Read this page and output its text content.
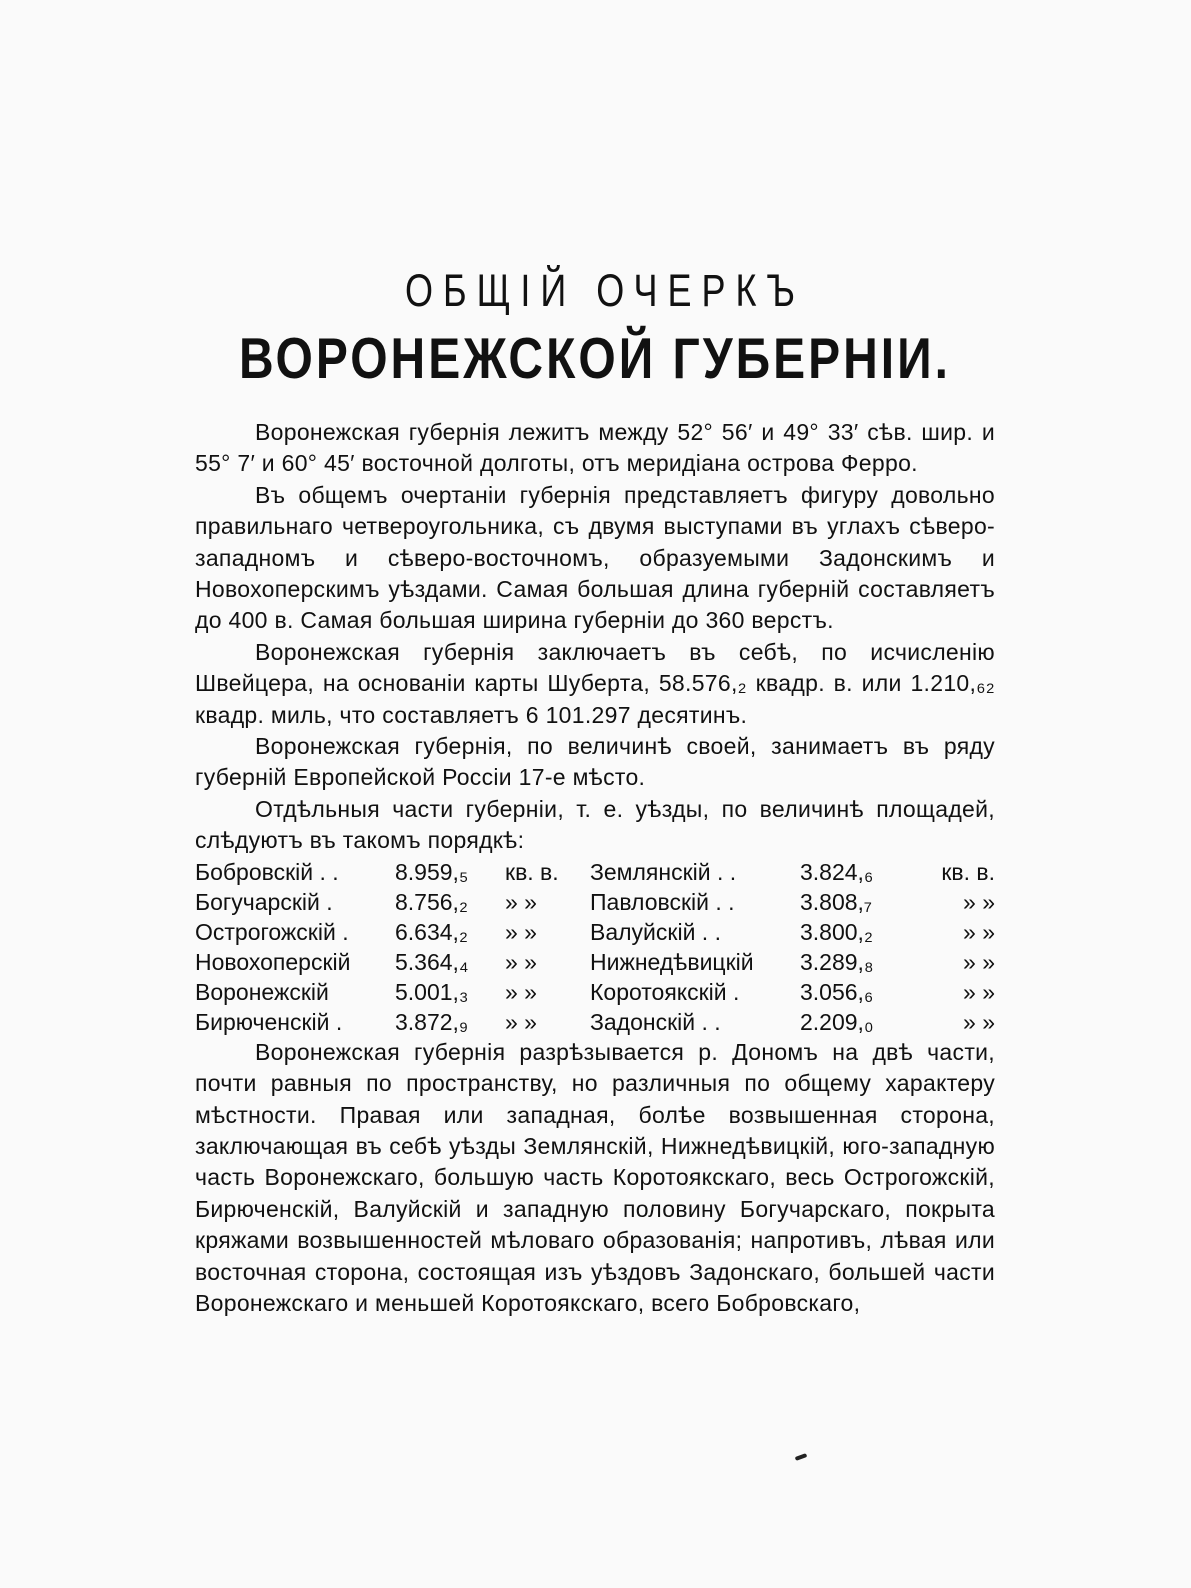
ОБЩІЙ ОЧЕРКЪ
ВОРОНЕЖСКОЙ ГУБЕРНІИ.

Воронежская губернія лежитъ между 52° 56′ и 49° 33′ сѣв. шир. и 55° 7′ и 60° 45′ восточной долготы, отъ меридіана острова Ферро.

Въ общемъ очертаніи губернія представляетъ фигуру довольно правильнаго четвероугольника, съ двумя выступами въ углахъ сѣверо-западномъ и сѣверо-восточномъ, образуемыми Задонскимъ и Новохоперскимъ уѣздами. Самая большая длина губерній составляетъ до 400 в. Самая большая ширина губерніи до 360 верстъ.

Воронежская губернія заключаетъ въ себѣ, по исчисленію Швейцера, на основаніи карты Шуберта, 58.576,₂ квадр. в. или 1.210,₆₂ квадр. миль, что составляетъ 6 101.297 десятинъ.

Воронежская губернія, по величинѣ своей, занимаетъ въ ряду губерній Европейской Россіи 17-е мѣсто.

Отдѣльныя части губерніи, т. е. уѣзды, по величинѣ площадей, слѣдуютъ въ такомъ порядкѣ:

Бобровскій . .	8.959,₅	кв. в.	Землянскій . .	3.824,₆	кв. в.
Богучарскій .	8.756,₂	» »	Павловскій . .	3.808,₇	» »
Острогожскій .	6.634,₂	» »	Валуйскій . .	3.800,₂	» »
Новохоперскій	5.364,₄	» »	Нижнедѣвицкій	3.289,₈	» »
Воронежскій	5.001,₃	» »	Коротоякскій .	3.056,₆	» »
Бирюченскій .	3.872,₉	» »	Задонскій . .	2.209,₀	» »

Воронежская губернія разрѣзывается р. Дономъ на двѣ части, почти равныя по пространству, но различныя по общему характеру мѣстности. Правая или западная, болѣе возвышенная сторона, заключающая въ себѣ уѣзды Землянскій, Нижнедѣвицкій, юго-западную часть Воронежскаго, большую часть Коротоякскаго, весь Острогожскій, Бирюченскій, Валуйскій и западную половину Богучарскаго, покрыта кряжами возвышенностей мѣловаго образованія; напротивъ, лѣвая или восточная сторона, состоящая изъ уѣздовъ Задонскаго, большей части Воронежскаго и меньшей Коротоякскаго, всего Бобровскаго,
